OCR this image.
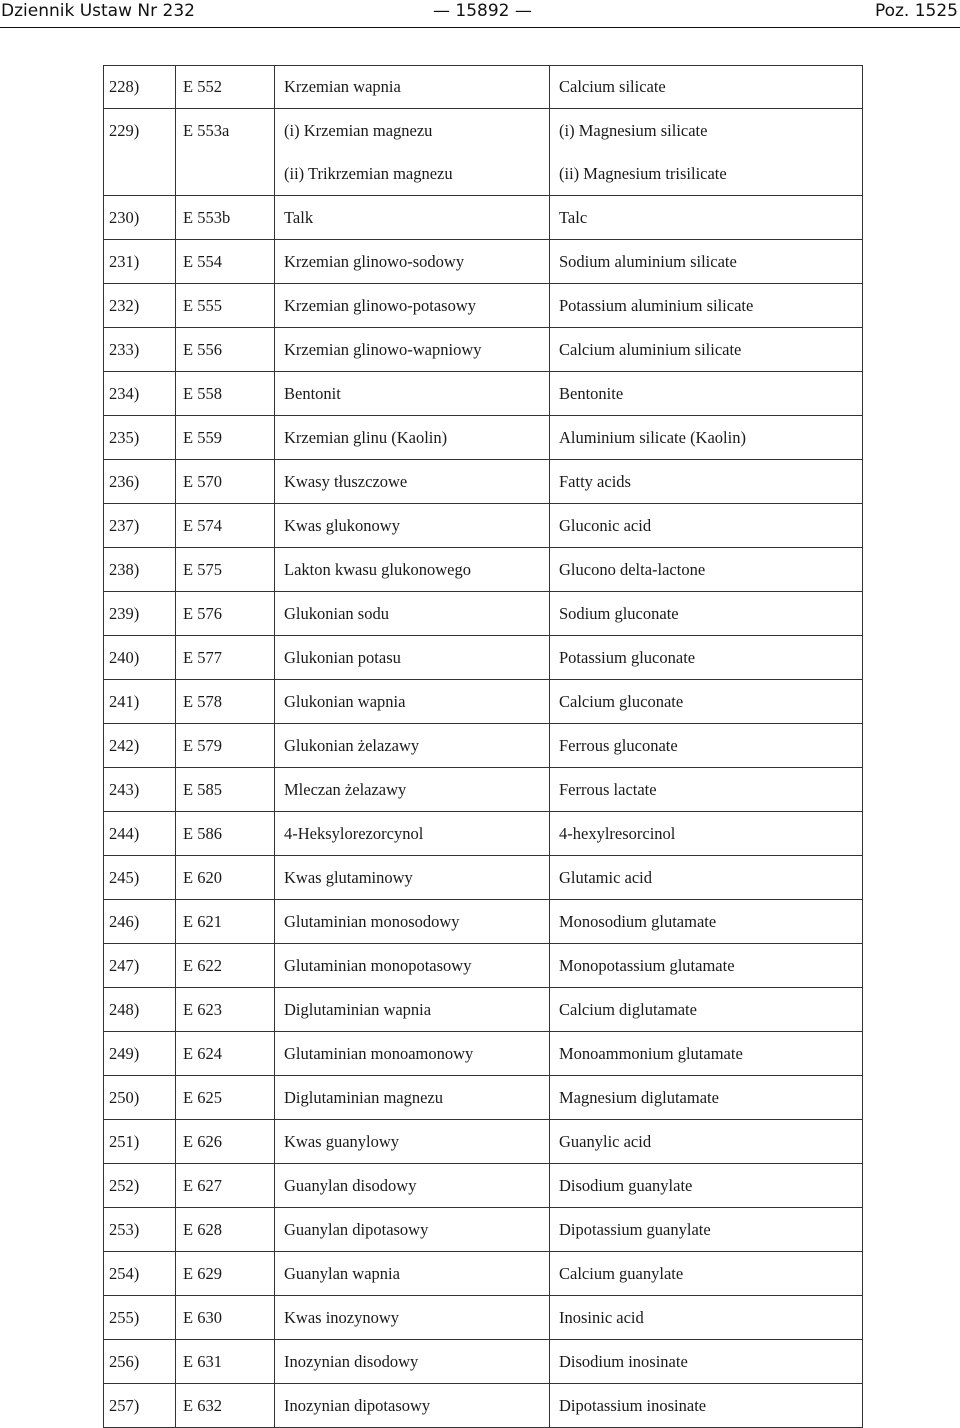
Dziennik Ustaw Nr 232	— 15892 —	Poz. 1525
228)	E 552	Krzemian wapnia	Calcium silicate
229)	E 553a	(i) Krzemian magnezu	(i) Magnesium silicate
		(ii) Trikrzemian magnezu	(ii) Magnesium trisilicate
230)	E 553b	Talk	Talc
231)	E 554	Krzemian glinowo-sodowy	Sodium aluminium silicate
232)	E 555	Krzemian glinowo-potasowy	Potassium aluminium silicate
233)	E 556	Krzemian glinowo-wapniowy	Calcium aluminium silicate
234)	E 558	Bentonit	Bentonite
235)	E 559	Krzemian glinu (Kaolin)	Aluminium silicate (Kaolin)
236)	E 570	Kwasy tłuszczowe	Fatty acids
237)	E 574	Kwas glukonowy	Gluconic acid
238)	E 575	Lakton kwasu glukonowego	Glucono delta-lactone
239)	E 576	Glukonian sodu	Sodium gluconate
240)	E 577	Glukonian potasu	Potassium gluconate
241)	E 578	Glukonian wapnia	Calcium gluconate
242)	E 579	Glukonian żelazawy	Ferrous gluconate
243)	E 585	Mleczan żelazawy	Ferrous lactate
244)	E 586	4-Heksylorezorcynol	4-hexylresorcinol
245)	E 620	Kwas glutaminowy	Glutamic acid
246)	E 621	Glutaminian monosodowy	Monosodium glutamate
247)	E 622	Glutaminian monopotasowy	Monopotassium glutamate
248)	E 623	Diglutaminian wapnia	Calcium diglutamate
249)	E 624	Glutaminian monoamonowy	Monoammonium glutamate
250)	E 625	Diglutaminian magnezu	Magnesium diglutamate
251)	E 626	Kwas guanylowy	Guanylic acid
252)	E 627	Guanylan disodowy	Disodium guanylate
253)	E 628	Guanylan dipotasowy	Dipotassium guanylate
254)	E 629	Guanylan wapnia	Calcium guanylate
255)	E 630	Kwas inozynowy	Inosinic acid
256)	E 631	Inozynian disodowy	Disodium inosinate
257)	E 632	Inozynian dipotasowy	Dipotassium inosinate
